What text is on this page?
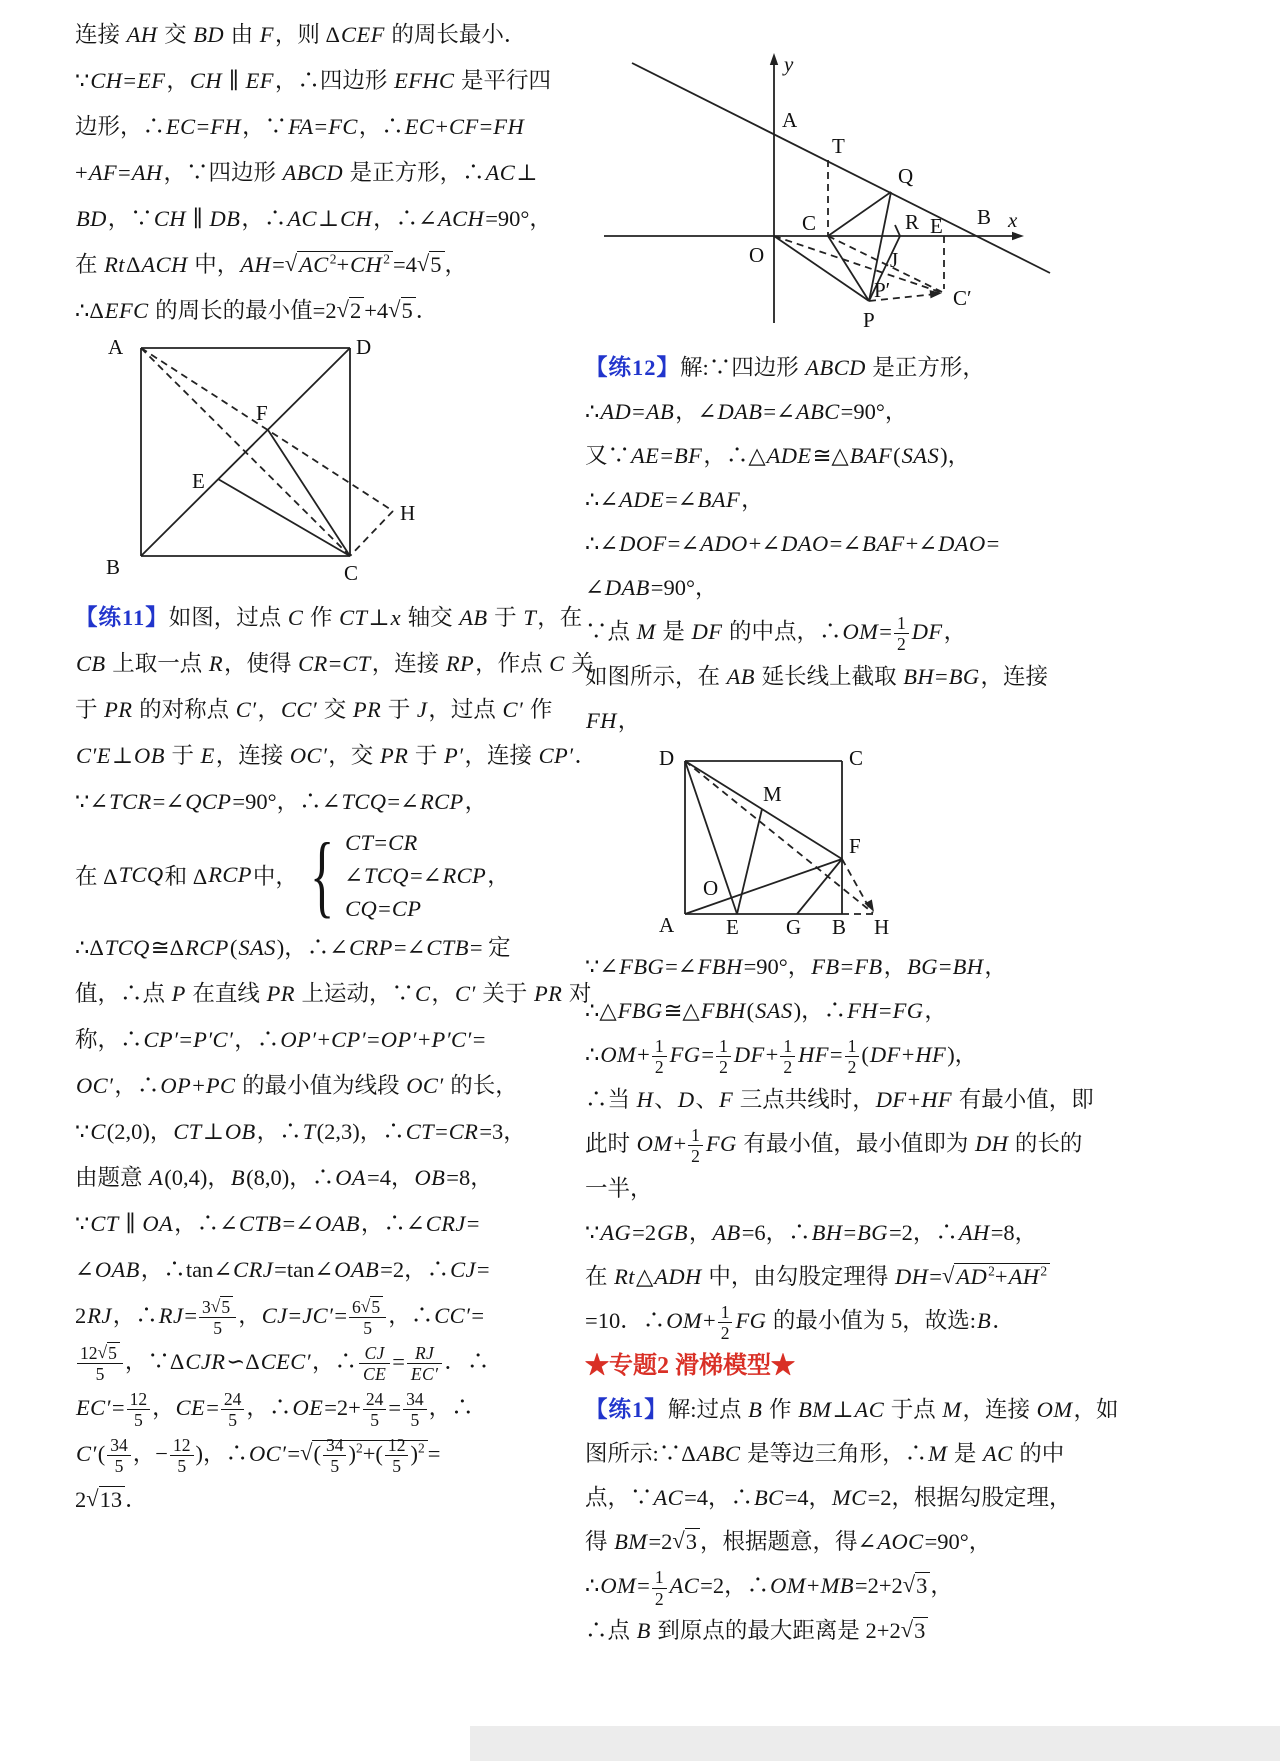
连接 AH 交 BD 由 F，则 ΔCEF 的周长最小．
∵CH=EF，CH ∥ EF，∴四边形 EFHC 是平行四
边形，∴EC=FH，∵FA=FC，∴EC+CF=FH
+AF=AH，∵四边形 ABCD 是正方形，∴AC⊥
BD，∵CH ∥ DB，∴AC⊥CH，∴∠ACH=90°，
在 RtΔACH 中，$AH=√AC^2+CH^2 =4√5$ ，
∴ΔEFC 的周长的最小值=2√2 +4√5 ．
A	D
B	C
E
F
H
【练11】如图，过点 C 作 CT⊥x 轴交 AB 于 T，在
CB 上取一点 R，使得 CR=CT，连接 RP，作点 C 关
于 PR 的对称点 C′，CC′ 交 PR 于 J，过点 C′ 作
C′E⊥OB 于 E，连接 OC′，交 PR 于 P′，连接 CP′．
∵∠TCR=∠QCP=90°，∴∠TCQ=∠RCP，
在 Δ TCQ 和 Δ RCP 中， { CT=CR
∠TCQ=∠RCP，
CQ=CP
∴ΔTCQ≅ΔRCP(SAS)，∴∠CRP=∠CTB= 定
值，∴点 P 在直线 PR 上运动，∵C，C′ 关于 PR 对
称，∴CP′=P′C′，∴OP′+CP′=OP′+P′C′=
OC′，∴OP+PC 的最小值为线段 OC′ 的长，
∵C(2,0)，CT⊥OB，∴T(2,3)，∴CT=CR=3，
由题意 A(0,4)，B(8,0)，∴OA=4，OB=8，
∵CT ∥ OA，∴∠CTB=∠OAB，∴∠CRJ=
∠OAB，∴tan∠CRJ=tan∠OAB=2，∴CJ=
2RJ，∴RJ= $\frac{3√5}{5}$ ，$CJ=JC'= \frac{6√5}{5}$ ，∴CC′=
$\frac{12√5}{5}$ ，∵ΔCJR∽ΔCEC′，∴ $\frac{CJ}{CE} = \frac{RJ}{EC'}$ ．∴
$EC'= \frac{12}{5}$ ，$CE= \frac{24}{5}$ ，∴OE=2+ $\frac{24}{5} = \frac{34}{5}$ ，∴
$C'( \frac{34}{5}$ ，− $\frac{12}{5}$ )，∴OC′=√( $\frac{34}{5} )^2+( \frac{12}{5} )^2$ =
2√13 ．
y
x
A
T
Q
C	R E B
O	J
P
P′	C′
【练12】解:∵四边形 ABCD 是正方形，
∴AD=AB，∠DAB=∠ABC=90°，
又∵AE=BF，∴△ADE≅△BAF(SAS)，
∴∠ADE=∠BAF，
∴∠DOF=∠ADO+∠DAO=∠BAF+∠DAO=
∠DAB=90°，
∵点 M 是 DF 的中点，∴OM= $\frac{1}{2}$ DF，
如图所示，在 AB 延长线上截取 BH=BG，连接
FH，
D	C
A	B
E G	H
F
M
O
∵∠FBG=∠FBH=90°，FB=FB，BG=BH，
∴△FBG≅△FBH(SAS)，∴FH=FG，
∴OM+ $\frac{1}{2} FG= \frac{1}{2} DF+ \frac{1}{2} HF= \frac{1}{2} (DF+HF)$，
∴当 H、D、F 三点共线时，DF+HF 有最小值，即
此时 $OM+ \frac{1}{2}$ FG 有最小值，最小值即为 DH 的长的
一半，
∵AG=2GB，AB=6，∴BH=BG=2，∴AH=8，
在 Rt△ADH 中，由勾股定理得 $DH=√AD^2+AH^2$
=10．∴OM+ $\frac{1}{2}$ FG 的最小值为 5，故选:B．
★专题2 滑梯模型★
【练1】解:过点 B 作 BM⊥AC 于点 M，连接 OM，如
图所示:∵ΔABC 是等边三角形，∴M 是 AC 的中
点，∵AC=4，∴BC=4，MC=2，根据勾股定理，
得 BM=2√3 ，根据题意，得∠AOC=90°，
∴OM= $\frac{1}{2} AC=2$，∴OM+MB=2+2√3 ，
∴点 B 到原点的最大距离是 2+2√3
